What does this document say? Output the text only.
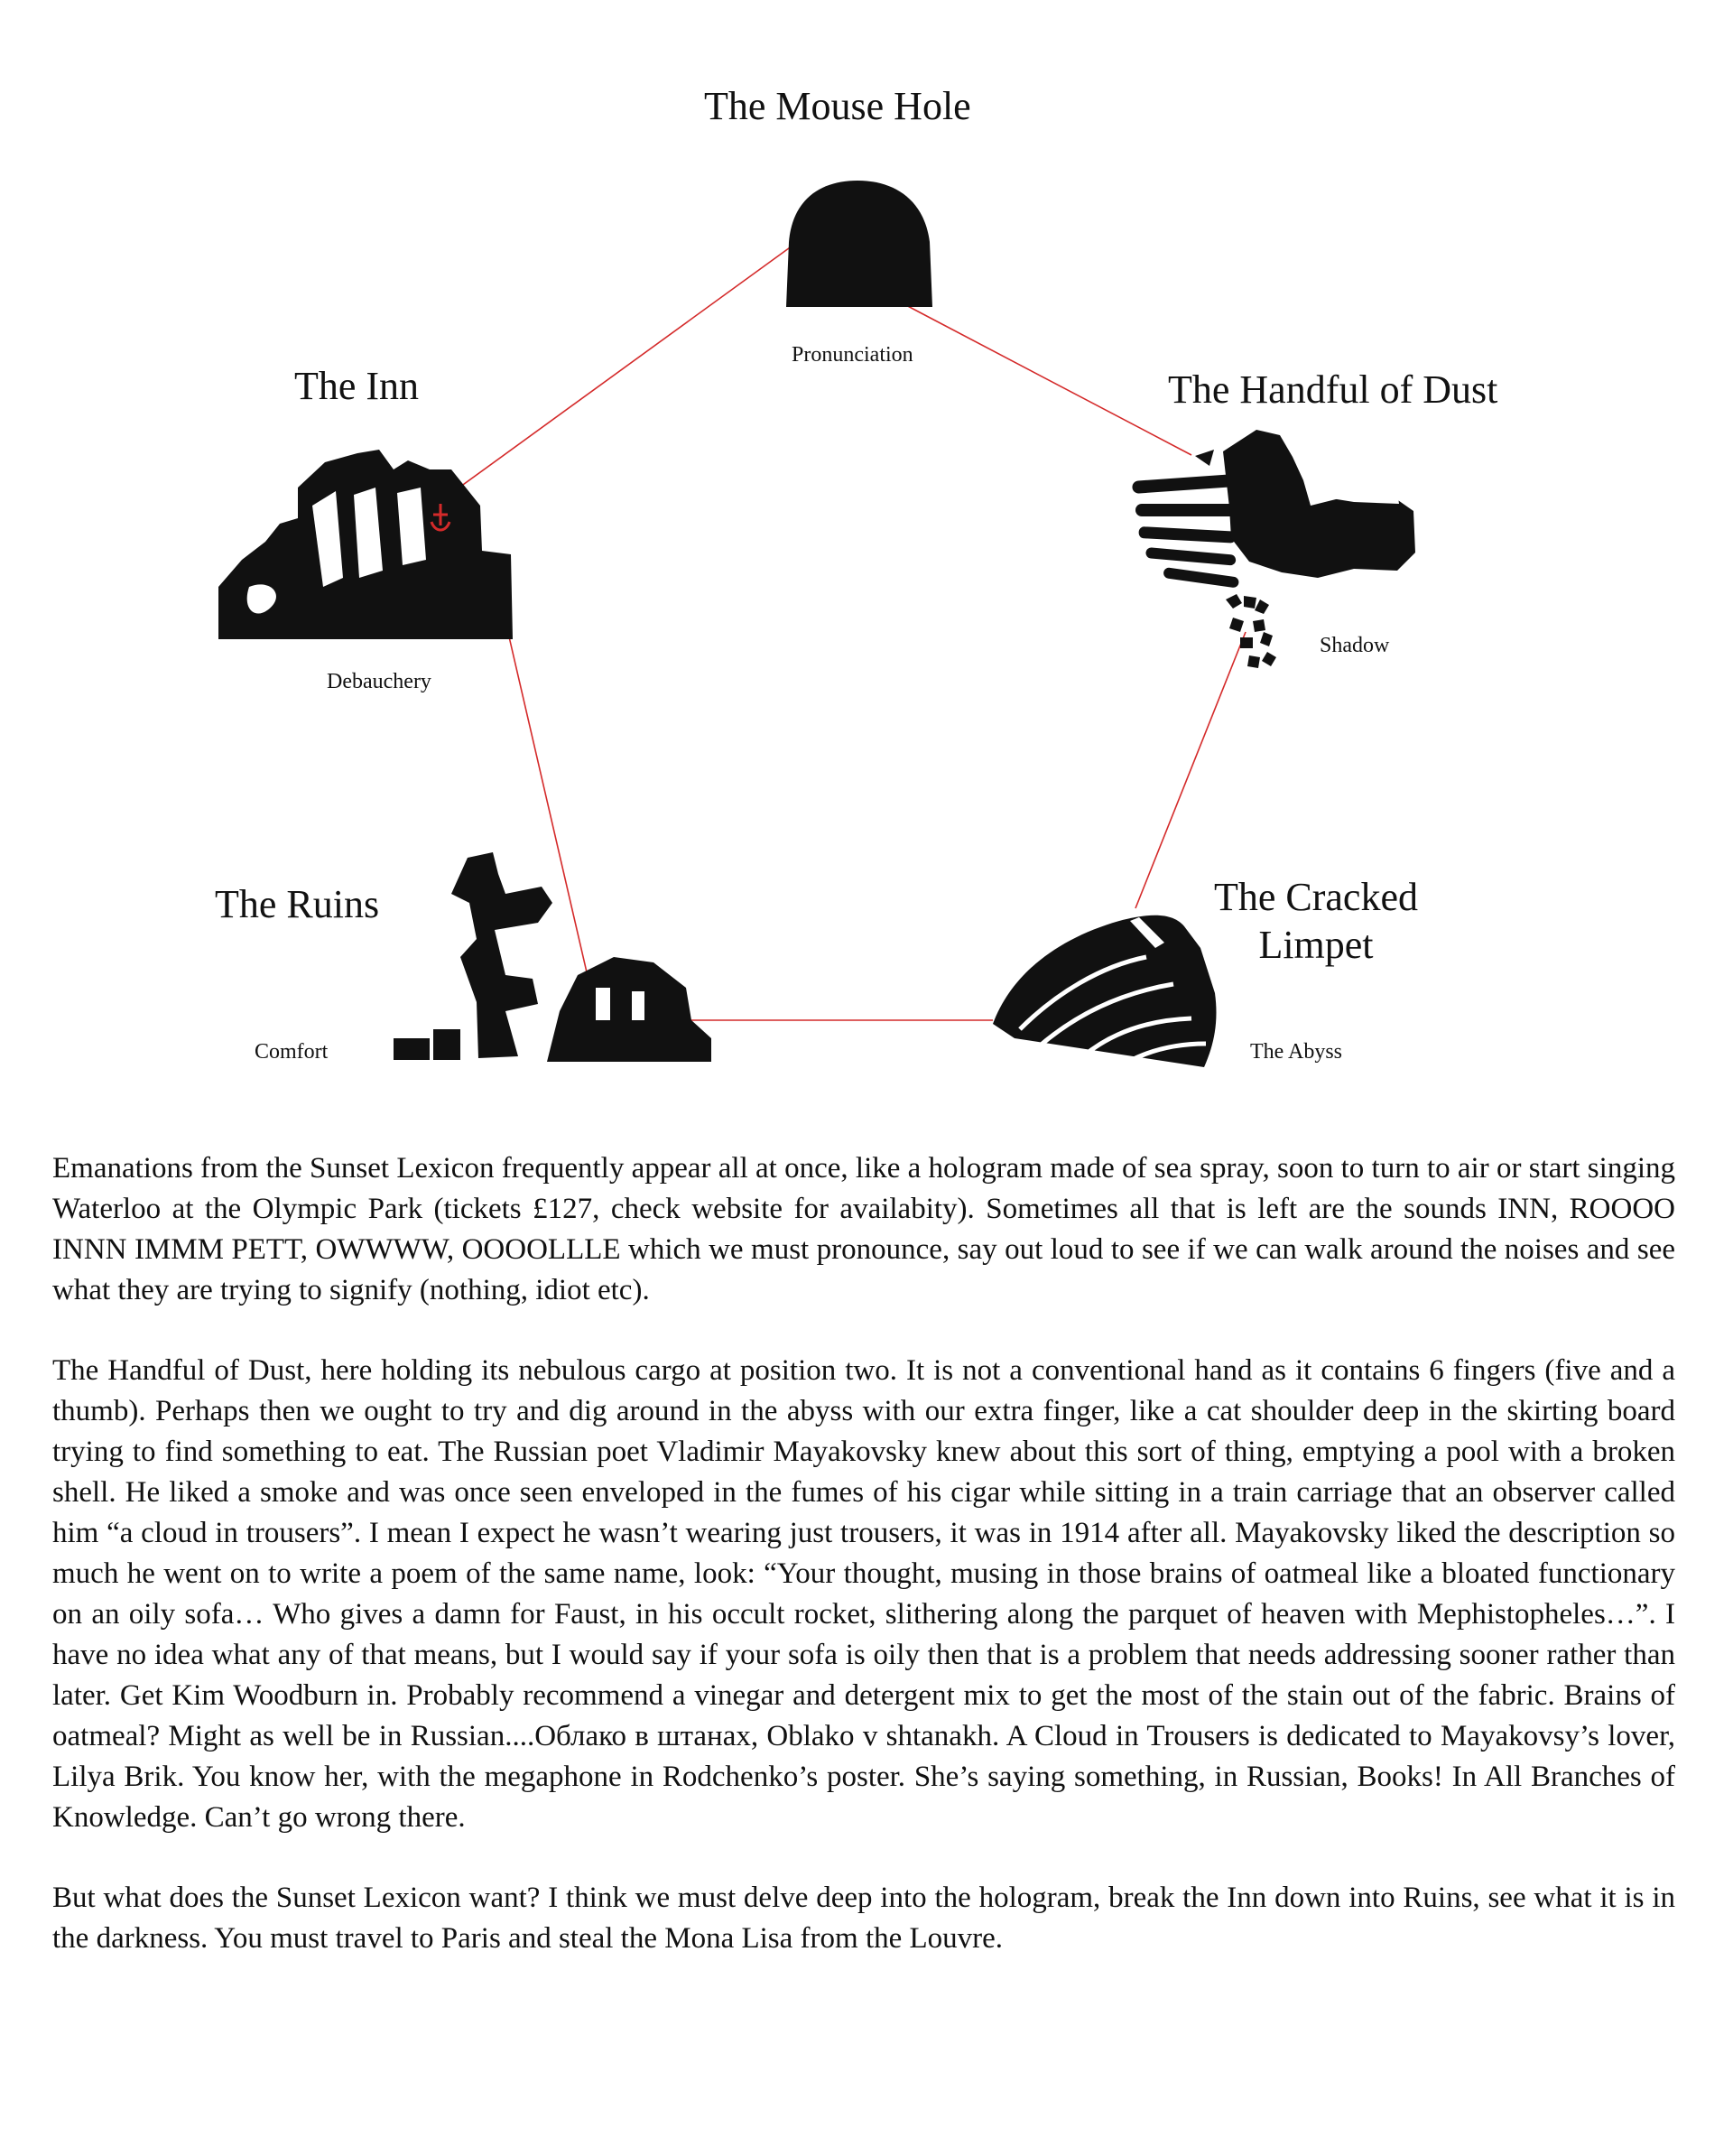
The Mouse Hole
Pronunciation
The Handful of Dust
Shadow
The Cracked Limpet
The Abyss
The Ruins
Comfort
The Inn
Debauchery

Emanations from the Sunset Lexicon frequently appear all at once, like a hologram made of sea spray, soon to turn to air or start singing Waterloo at the Olympic Park (tickets £127, check website for availabity). Sometimes all that is left are the sounds INN, ROOOO INNN IMMM PETT, OWWWW, OOOOLLLE which we must pronounce, say out loud to see if we can walk around the noises and see what they are trying to signify (nothing, idiot etc).

The Handful of Dust, here holding its nebulous cargo at position two. It is not a conventional hand as it contains 6 fingers (five and a thumb). Perhaps then we ought to try and dig around in the abyss with our extra finger, like a cat shoulder deep in the skirting board trying to find something to eat. The Russian poet Vladimir Mayakovsky knew about this sort of thing, emptying a pool with a broken shell. He liked a smoke and was once seen enveloped in the fumes of his cigar while sitting in a train carriage that an observer called him “a cloud in trousers”. I mean I expect he wasn’t wearing just trousers, it was in 1914 after all. Mayakovsky liked the description so much he went on to write a poem of the same name, look: “Your thought, musing in those brains of oatmeal like a bloated functionary on an oily sofa… Who gives a damn for Faust, in his occult rocket, slithering along the parquet of heaven with Mephistopheles…”. I have no idea what any of that means, but I would say if your sofa is oily then that is a problem that needs addressing sooner rather than later. Get Kim Woodburn in. Probably recommend a vinegar and detergent mix to get the most of the stain out of the fabric. Brains of oatmeal? Might as well be in Russian....Облако в штанах, Oblako v shtanakh. A Cloud in Trousers is dedicated to Mayakovsy’s lover, Lilya Brik. You know her, with the megaphone in Rodchenko’s poster. She’s saying something, in Russian, Books! In All Branches of Knowledge. Can’t go wrong there.

But what does the Sunset Lexicon want? I think we must delve deep into the hologram, break the Inn down into Ruins, see what it is in the darkness. You must travel to Paris and steal the Mona Lisa from the Louvre.
